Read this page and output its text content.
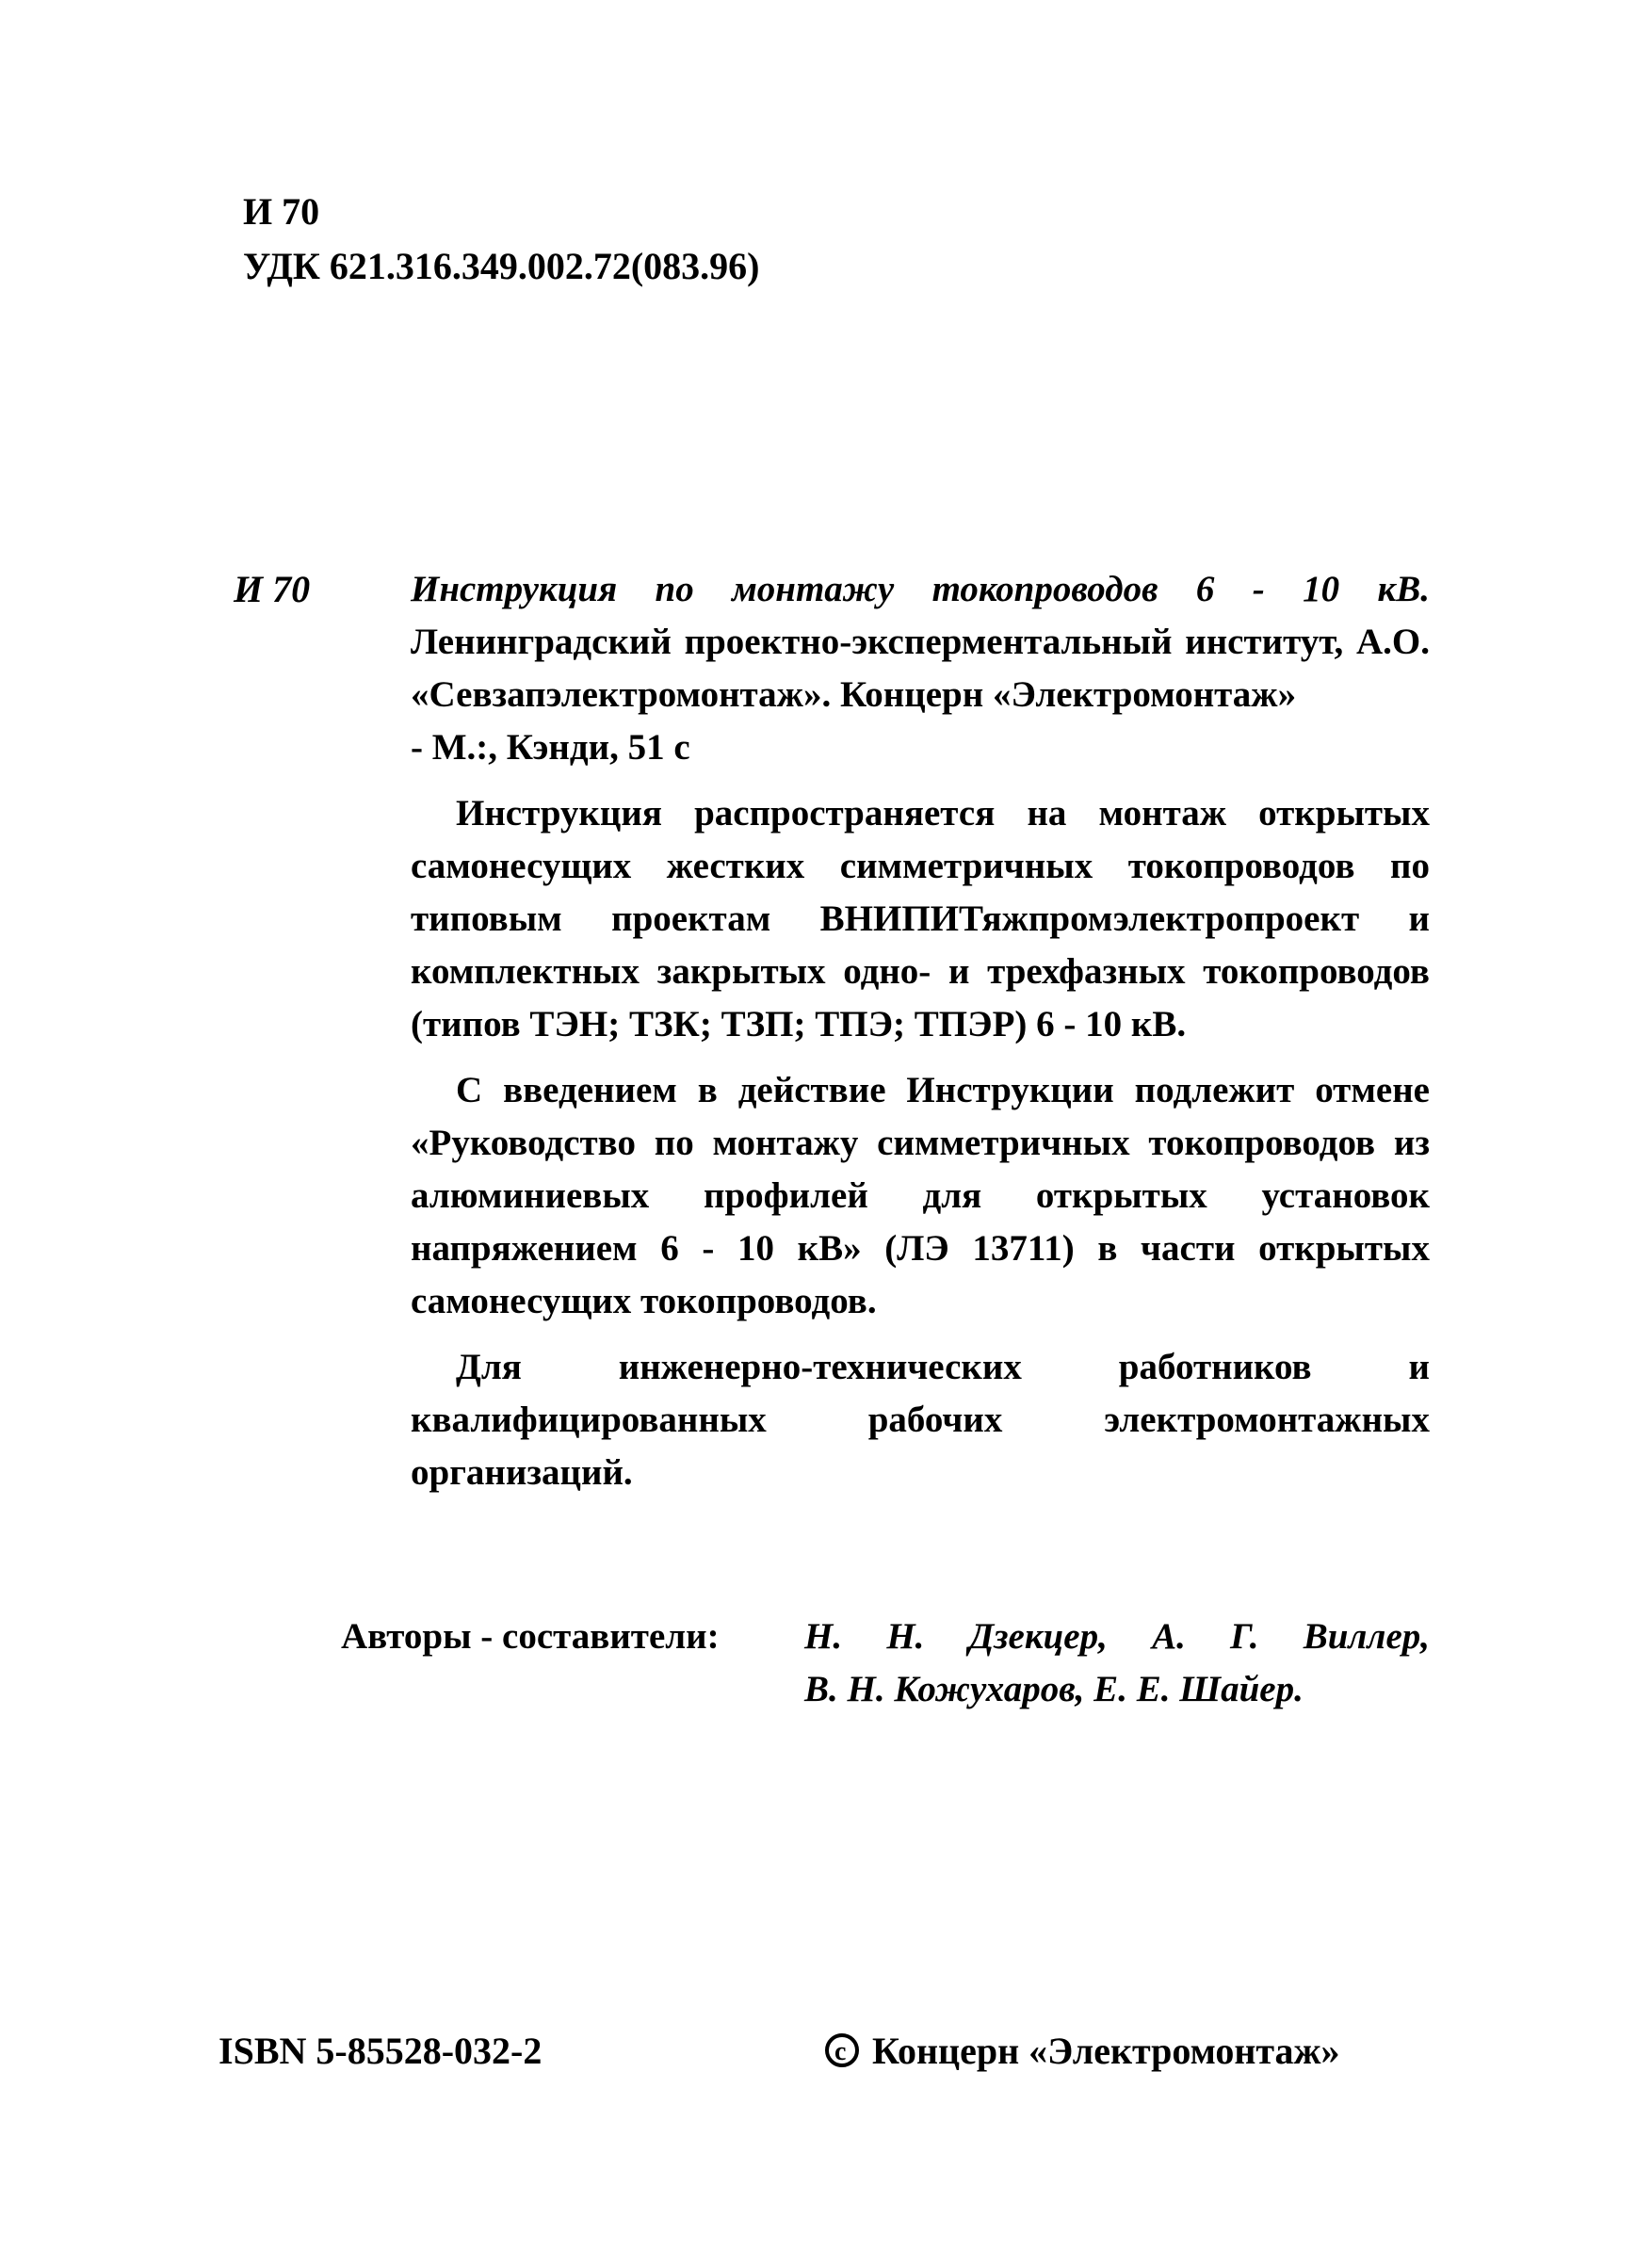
И 70
УДК 621.316.349.002.72(083.96)
И 70	Инструкция по монтажу токопроводов 6 - 10 кВ. Ленинградский проектно-эксперментальный институт, А.О. «Севзапэлектромонтаж». Концерн «Электромонтаж»
- М.:, Кэнди, 51 с

Инструкция распространяется на монтаж открытых самонесущих жестких симметричных токопроводов по типовым проектам ВНИПИТяжпромэлектропроект и комплектных закрытых одно- и трехфазных токопроводов (типов ТЭН; ТЗК; ТЗП; ТПЭ; ТПЭР) 6 - 10 кВ.

С введением в действие Инструкции подлежит отмене «Руководство по монтажу симметричных токопроводов из алюминиевых профилей для открытых установок напряжением 6 - 10 кВ» (ЛЭ 13711) в части открытых самонесущих токопроводов.

Для инженерно-технических работников и квалифицированных рабочих электромонтажных организаций.

Авторы - составители: Н. Н. Дзекцер, А. Г. Виллер,
В. Н. Кожухаров, Е. Е. Шайер.
ISBN 5-85528-032-2
c	Концерн «Электромонтаж»
